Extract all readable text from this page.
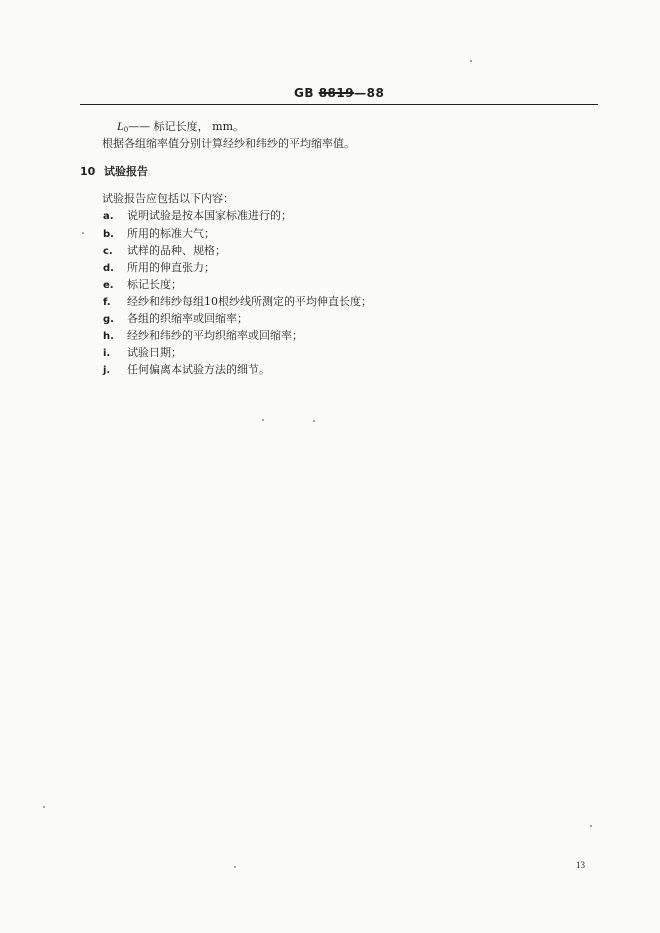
GB 8819—88
$L_0——$ 标记长度， mm。
根据各组缩率值分别计算经纱和纬纱的平均缩率值。
10 试验报告
试验报告应包括以下内容：
a. 说明试验是按本国家标准进行的；
b. 所用的标准大气；
c. 试样的品种、规格；
d. 所用的伸直张力；
e. 标记长度；
f. 经纱和纬纱每组10根纱线所测定的平均伸直长度；
g. 各组的织缩率或回缩率；
h. 经纱和纬纱的平均织缩率或回缩率；
i. 试验日期；
j. 任何偏离本试验方法的细节。
13
